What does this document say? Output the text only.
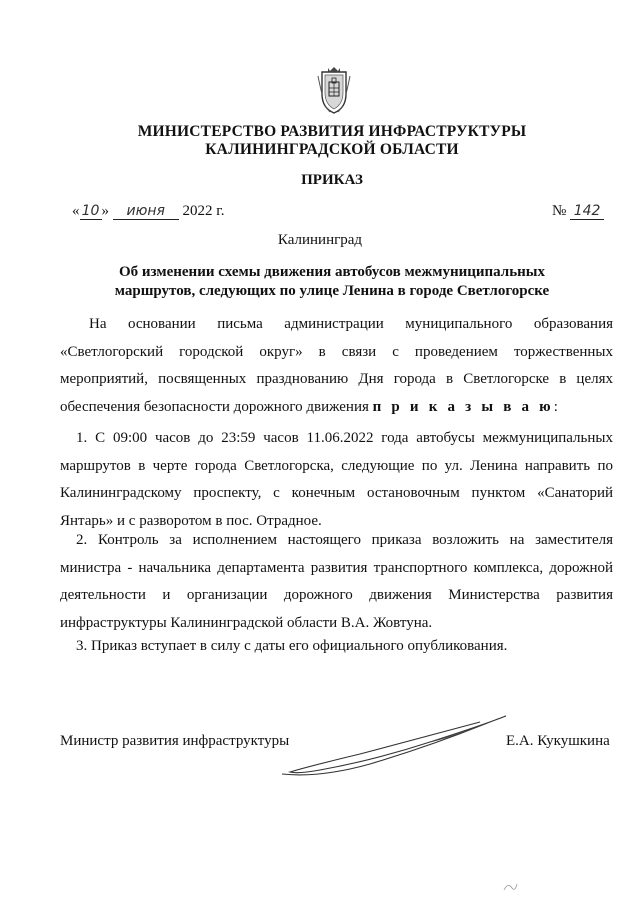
МИНИСТЕРСТВО РАЗВИТИЯ ИНФРАСТРУКТУРЫ
КАЛИНИНГРАДСКОЙ ОБЛАСТИ
ПРИКАЗ
« 10 » июня 2022 г.	№ 142
Калининград
Об изменении схемы движения автобусов межмуниципальных
маршрутов, следующих по улице Ленина в городе Светлогорске
На основании письма администрации муниципального образования «Светлогорский городской округ» в связи с проведением торжественных мероприятий, посвященных празднованию Дня города в Светлогорске в целях обеспечения безопасности дорожного движения п р и к а з ы в а ю:
1. С 09:00 часов до 23:59 часов 11.06.2022 года автобусы межмуниципальных маршрутов в черте города Светлогорска, следующие по ул. Ленина направить по Калининградскому проспекту, с конечным остановочным пунктом «Санаторий Янтарь» и с разворотом в пос. Отрадное.
2. Контроль за исполнением настоящего приказа возложить на заместителя министра - начальника департамента развития транспортного комплекса, дорожной деятельности и организации дорожного движения Министерства развития инфраструктуры Калининградской области В.А. Жовтуна.
3. Приказ вступает в силу с даты его официального опубликования.
Министр развития инфраструктуры	Е.А. Кукушкина
